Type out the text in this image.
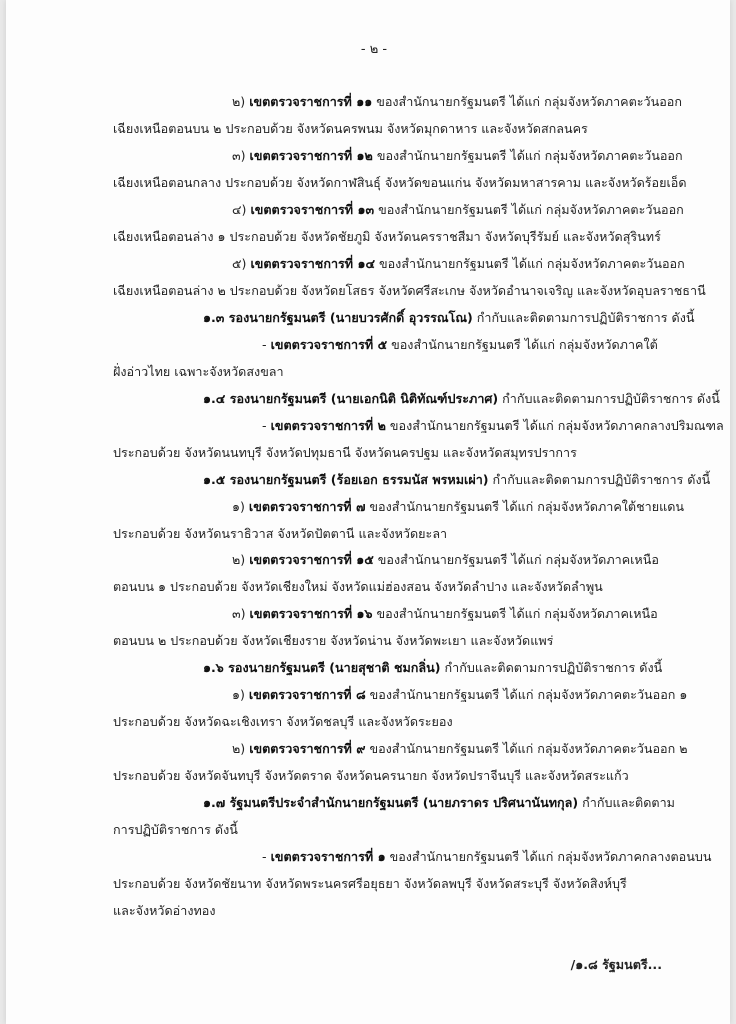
- ๒ -
๒) เขตตรวจราชการที่ ๑๑ ของสำนักนายกรัฐมนตรี ได้แก่ กลุ่มจังหวัดภาคตะวันออก
เฉียงเหนือตอนบน ๒ ประกอบด้วย จังหวัดนครพนม จังหวัดมุกดาหาร และจังหวัดสกลนคร
๓) เขตตรวจราชการที่ ๑๒ ของสำนักนายกรัฐมนตรี ได้แก่ กลุ่มจังหวัดภาคตะวันออก
เฉียงเหนือตอนกลาง ประกอบด้วย จังหวัดกาฬสินธุ์ จังหวัดขอนแก่น จังหวัดมหาสารคาม และจังหวัดร้อยเอ็ด
๔) เขตตรวจราชการที่ ๑๓ ของสำนักนายกรัฐมนตรี ได้แก่ กลุ่มจังหวัดภาคตะวันออก
เฉียงเหนือตอนล่าง ๑ ประกอบด้วย จังหวัดชัยภูมิ จังหวัดนครราชสีมา จังหวัดบุรีรัมย์ และจังหวัดสุรินทร์
๕) เขตตรวจราชการที่ ๑๔ ของสำนักนายกรัฐมนตรี ได้แก่ กลุ่มจังหวัดภาคตะวันออก
เฉียงเหนือตอนล่าง ๒ ประกอบด้วย จังหวัดยโสธร จังหวัดศรีสะเกษ จังหวัดอำนาจเจริญ และจังหวัดอุบลราชธานี
๑.๓ รองนายกรัฐมนตรี (นายบวรศักดิ์ อุวรรณโณ) กำกับและติดตามการปฏิบัติราชการ ดังนี้
- เขตตรวจราชการที่ ๕ ของสำนักนายกรัฐมนตรี ได้แก่ กลุ่มจังหวัดภาคใต้
ฝั่งอ่าวไทย เฉพาะจังหวัดสงขลา
๑.๔ รองนายกรัฐมนตรี (นายเอกนิติ นิติทัณฑ์ประภาศ) กำกับและติดตามการปฏิบัติราชการ ดังนี้
- เขตตรวจราชการที่ ๒ ของสำนักนายกรัฐมนตรี ได้แก่ กลุ่มจังหวัดภาคกลางปริมณฑล
ประกอบด้วย จังหวัดนนทบุรี จังหวัดปทุมธานี จังหวัดนครปฐม และจังหวัดสมุทรปราการ
๑.๕ รองนายกรัฐมนตรี (ร้อยเอก ธรรมนัส พรหมเผ่า) กำกับและติดตามการปฏิบัติราชการ ดังนี้
๑) เขตตรวจราชการที่ ๗ ของสำนักนายกรัฐมนตรี ได้แก่ กลุ่มจังหวัดภาคใต้ชายแดน
ประกอบด้วย จังหวัดนราธิวาส จังหวัดปัตตานี และจังหวัดยะลา
๒) เขตตรวจราชการที่ ๑๕ ของสำนักนายกรัฐมนตรี ได้แก่ กลุ่มจังหวัดภาคเหนือ
ตอนบน ๑ ประกอบด้วย จังหวัดเชียงใหม่ จังหวัดแม่ฮ่องสอน จังหวัดลำปาง และจังหวัดลำพูน
๓) เขตตรวจราชการที่ ๑๖ ของสำนักนายกรัฐมนตรี ได้แก่ กลุ่มจังหวัดภาคเหนือ
ตอนบน ๒ ประกอบด้วย จังหวัดเชียงราย จังหวัดน่าน จังหวัดพะเยา และจังหวัดแพร่
๑.๖ รองนายกรัฐมนตรี (นายสุชาติ ชมกลิ่น) กำกับและติดตามการปฏิบัติราชการ ดังนี้
๑) เขตตรวจราชการที่ ๘ ของสำนักนายกรัฐมนตรี ได้แก่ กลุ่มจังหวัดภาคตะวันออก ๑
ประกอบด้วย จังหวัดฉะเชิงเทรา จังหวัดชลบุรี และจังหวัดระยอง
๒) เขตตรวจราชการที่ ๙ ของสำนักนายกรัฐมนตรี ได้แก่ กลุ่มจังหวัดภาคตะวันออก ๒
ประกอบด้วย จังหวัดจันทบุรี จังหวัดตราด จังหวัดนครนายก จังหวัดปราจีนบุรี และจังหวัดสระแก้ว
๑.๗ รัฐมนตรีประจำสำนักนายกรัฐมนตรี (นายภราดร ปริศนานันทกุล) กำกับและติดตาม
การปฏิบัติราชการ ดังนี้
- เขตตรวจราชการที่ ๑ ของสำนักนายกรัฐมนตรี ได้แก่ กลุ่มจังหวัดภาคกลางตอนบน
ประกอบด้วย จังหวัดชัยนาท จังหวัดพระนครศรีอยุธยา จังหวัดลพบุรี จังหวัดสระบุรี จังหวัดสิงห์บุรี
และจังหวัดอ่างทอง
/๑.๘ รัฐมนตรี...
